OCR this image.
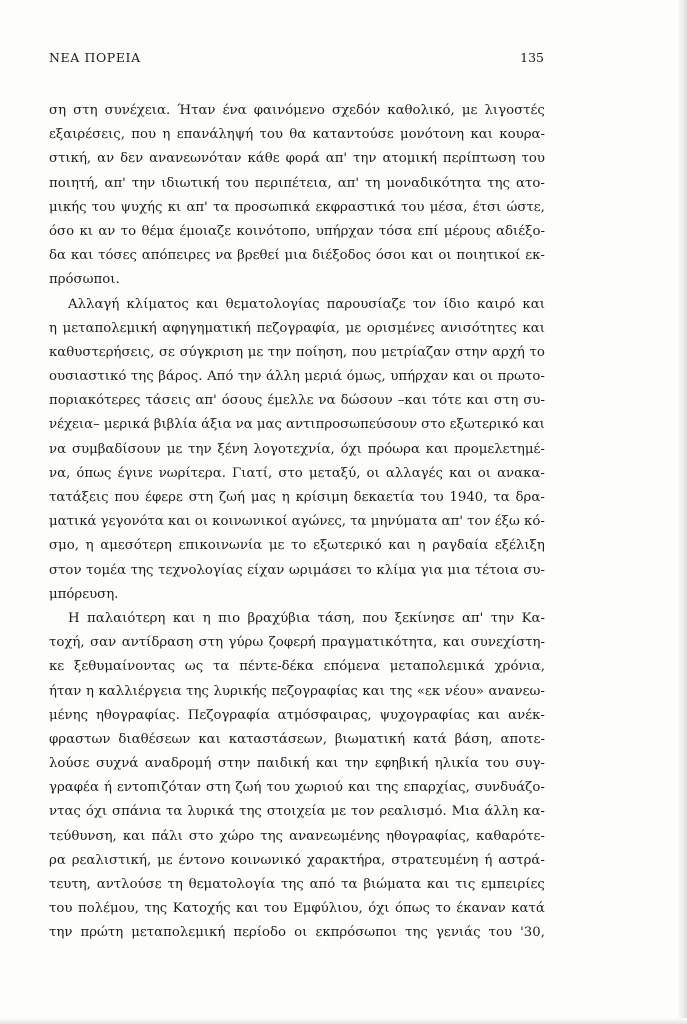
ΝΕΑ ΠΟΡΕΙΑ	135
ση στη συνέχεια. Ήταν ένα φαινόμενο σχεδόν καθολικό, με λιγοστές
εξαιρέσεις, που η επανάληψή του θα καταντούσε μονότονη και κουρα-
στική, αν δεν ανανεωνόταν κάθε φορά απ' την ατομική περίπτωση του
ποιητή, απ' την ιδιωτική του περιπέτεια, απ' τη μοναδικότητα της ατο-
μικής του ψυχής κι απ' τα προσωπικά εκφραστικά του μέσα, έτσι ώστε,
όσο κι αν το θέμα έμοιαζε κοινότοπο, υπήρχαν τόσα επί μέρους αδιέξο-
δα και τόσες απόπειρες να βρεθεί μια διέξοδος όσοι και οι ποιητικοί εκ-
πρόσωποι.
Αλλαγή κλίματος και θεματολογίας παρουσίαζε τον ίδιο καιρό και
η μεταπολεμική αφηγηματική πεζογραφία, με ορισμένες ανισότητες και
καθυστερήσεις, σε σύγκριση με την ποίηση, που μετρίαζαν στην αρχή το
ουσιαστικό της βάρος. Από την άλλη μεριά όμως, υπήρχαν και οι πρωτο-
ποριακότερες τάσεις απ' όσους έμελλε να δώσουν –και τότε και στη συ-
νέχεια– μερικά βιβλία άξια να μας αντιπροσωπεύσουν στο εξωτερικό και
να συμβαδίσουν με την ξένη λογοτεχνία, όχι πρόωρα και προμελετημέ-
να, όπως έγινε νωρίτερα. Γιατί, στο μεταξύ, οι αλλαγές και οι ανακα-
τατάξεις που έφερε στη ζωή μας η κρίσιμη δεκαετία του 1940, τα δρα-
ματικά γεγονότα και οι κοινωνικοί αγώνες, τα μηνύματα απ' τον έξω κό-
σμο, η αμεσότερη επικοινωνία με το εξωτερικό και η ραγδαία εξέλιξη
στον τομέα της τεχνολογίας είχαν ωριμάσει το κλίμα για μια τέτοια συ-
μπόρευση.
Η παλαιότερη και η πιο βραχύβια τάση, που ξεκίνησε απ' την Κα-
τοχή, σαν αντίδραση στη γύρω ζοφερή πραγματικότητα, και συνεχίστη-
κε ξεθυμαίνοντας ως τα πέντε-δέκα επόμενα μεταπολεμικά χρόνια,
ήταν η καλλιέργεια της λυρικής πεζογραφίας και της «εκ νέου» ανανεω-
μένης ηθογραφίας. Πεζογραφία ατμόσφαιρας, ψυχογραφίας και ανέκ-
φραστων διαθέσεων και καταστάσεων, βιωματική κατά βάση, αποτε-
λούσε συχνά αναδρομή στην παιδική και την εφηβική ηλικία του συγ-
γραφέα ή εντοπιζόταν στη ζωή του χωριού και της επαρχίας, συνδυάζο-
ντας όχι σπάνια τα λυρικά της στοιχεία με τον ρεαλισμό. Μια άλλη κα-
τεύθυνση, και πάλι στο χώρο της ανανεωμένης ηθογραφίας, καθαρότε-
ρα ρεαλιστική, με έντονο κοινωνικό χαρακτήρα, στρατευμένη ή αστρά-
τευτη, αντλούσε τη θεματολογία της από τα βιώματα και τις εμπειρίες
του πολέμου, της Κατοχής και του Εμφύλιου, όχι όπως το έκαναν κατά
την πρώτη μεταπολεμική περίοδο οι εκπρόσωποι της γενιάς του '30,
